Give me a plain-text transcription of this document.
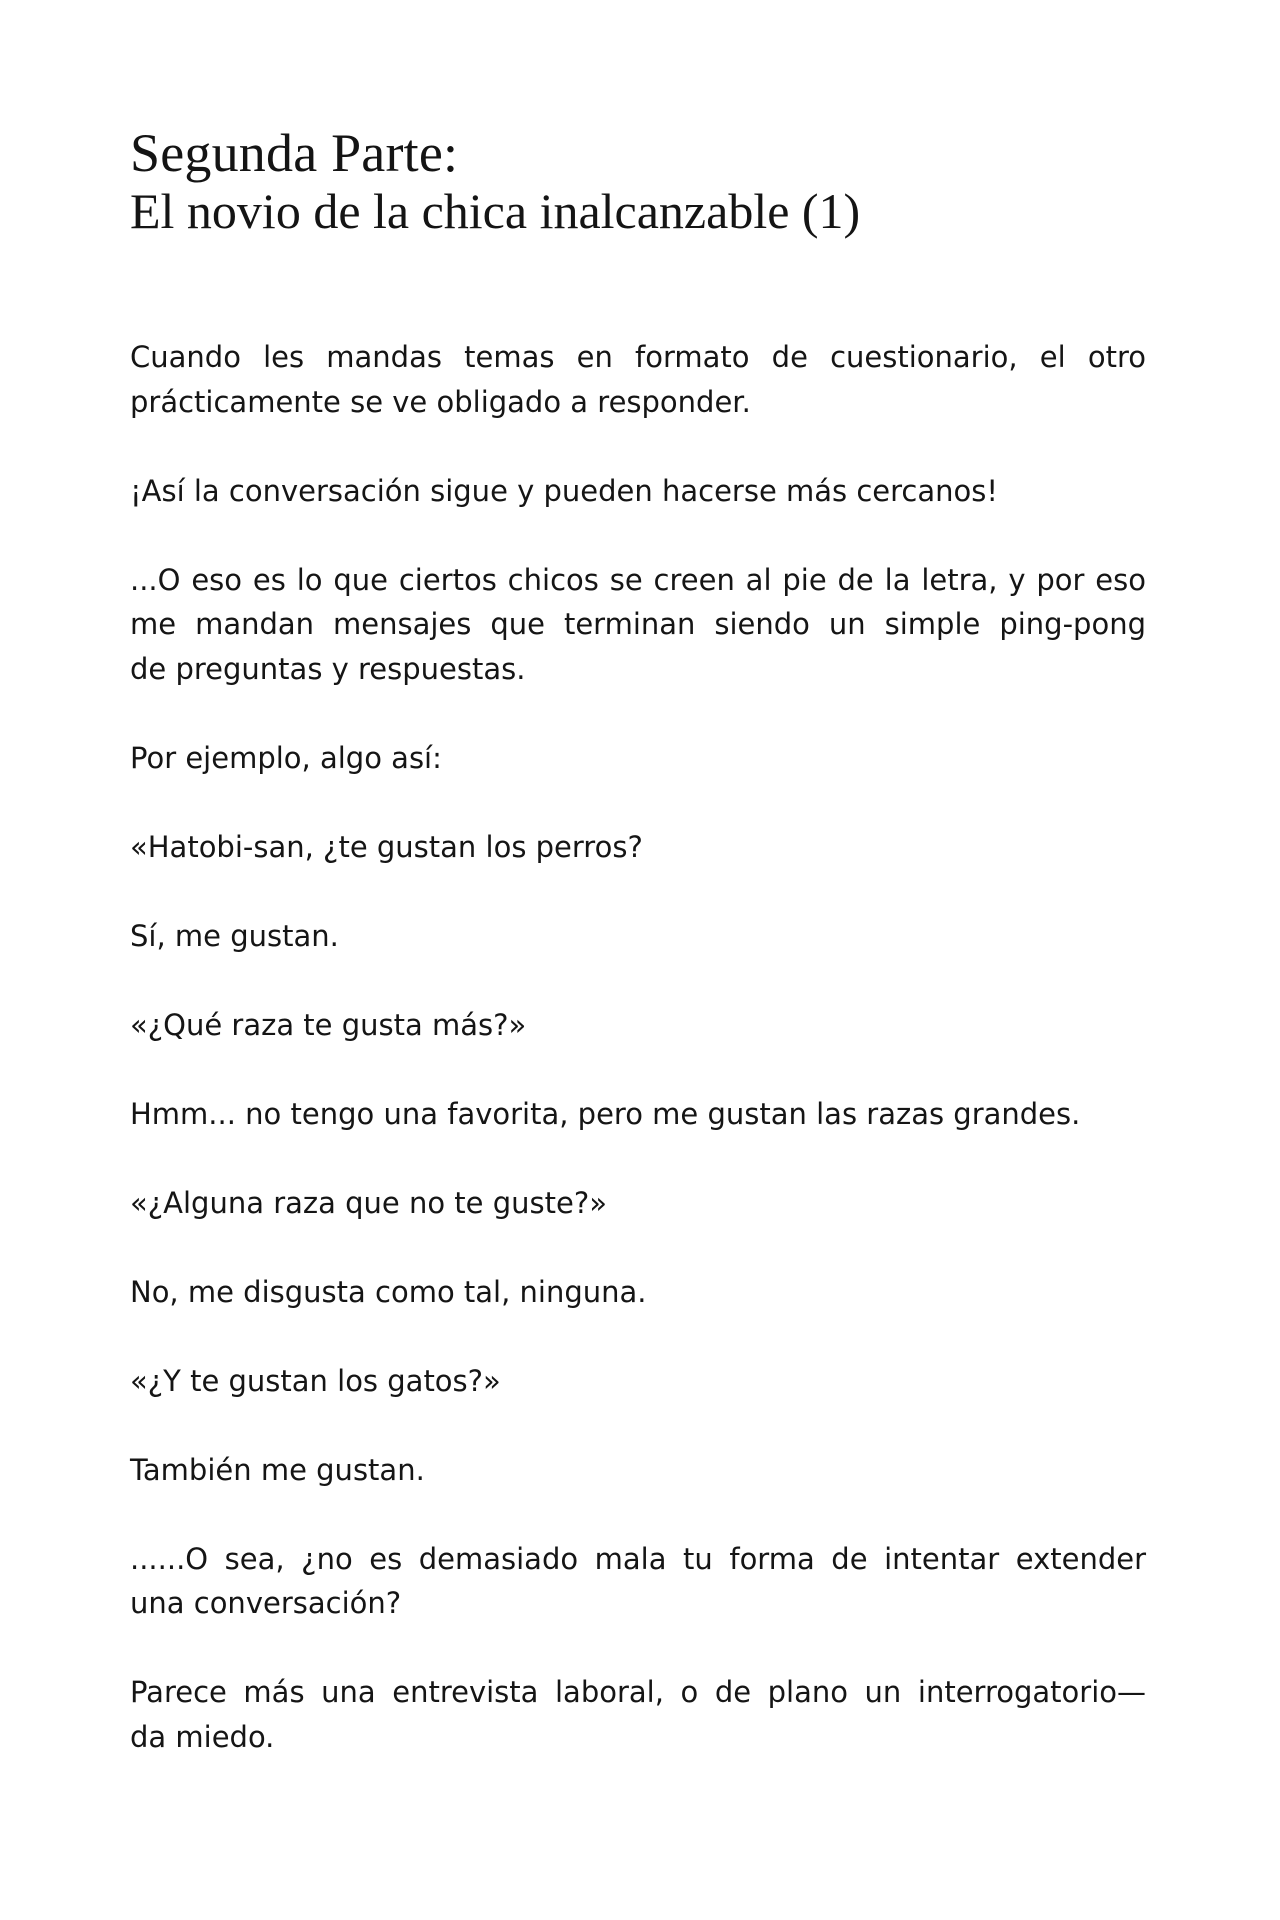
Segunda Parte:
El novio de la chica inalcanzable (1)

Cuando les mandas temas en formato de cuestionario, el otro
prácticamente se ve obligado a responder.

¡Así la conversación sigue y pueden hacerse más cercanos!

...O eso es lo que ciertos chicos se creen al pie de la letra, y por eso
me mandan mensajes que terminan siendo un simple ping-pong
de preguntas y respuestas.

Por ejemplo, algo así:

«Hatobi-san, ¿te gustan los perros?

Sí, me gustan.

«¿Qué raza te gusta más?»

Hmm... no tengo una favorita, pero me gustan las razas grandes.

«¿Alguna raza que no te guste?»

No, me disgusta como tal, ninguna.

«¿Y te gustan los gatos?»

También me gustan.

......O sea, ¿no es demasiado mala tu forma de intentar extender
una conversación?

Parece más una entrevista laboral, o de plano un interrogatorio—
da miedo.
